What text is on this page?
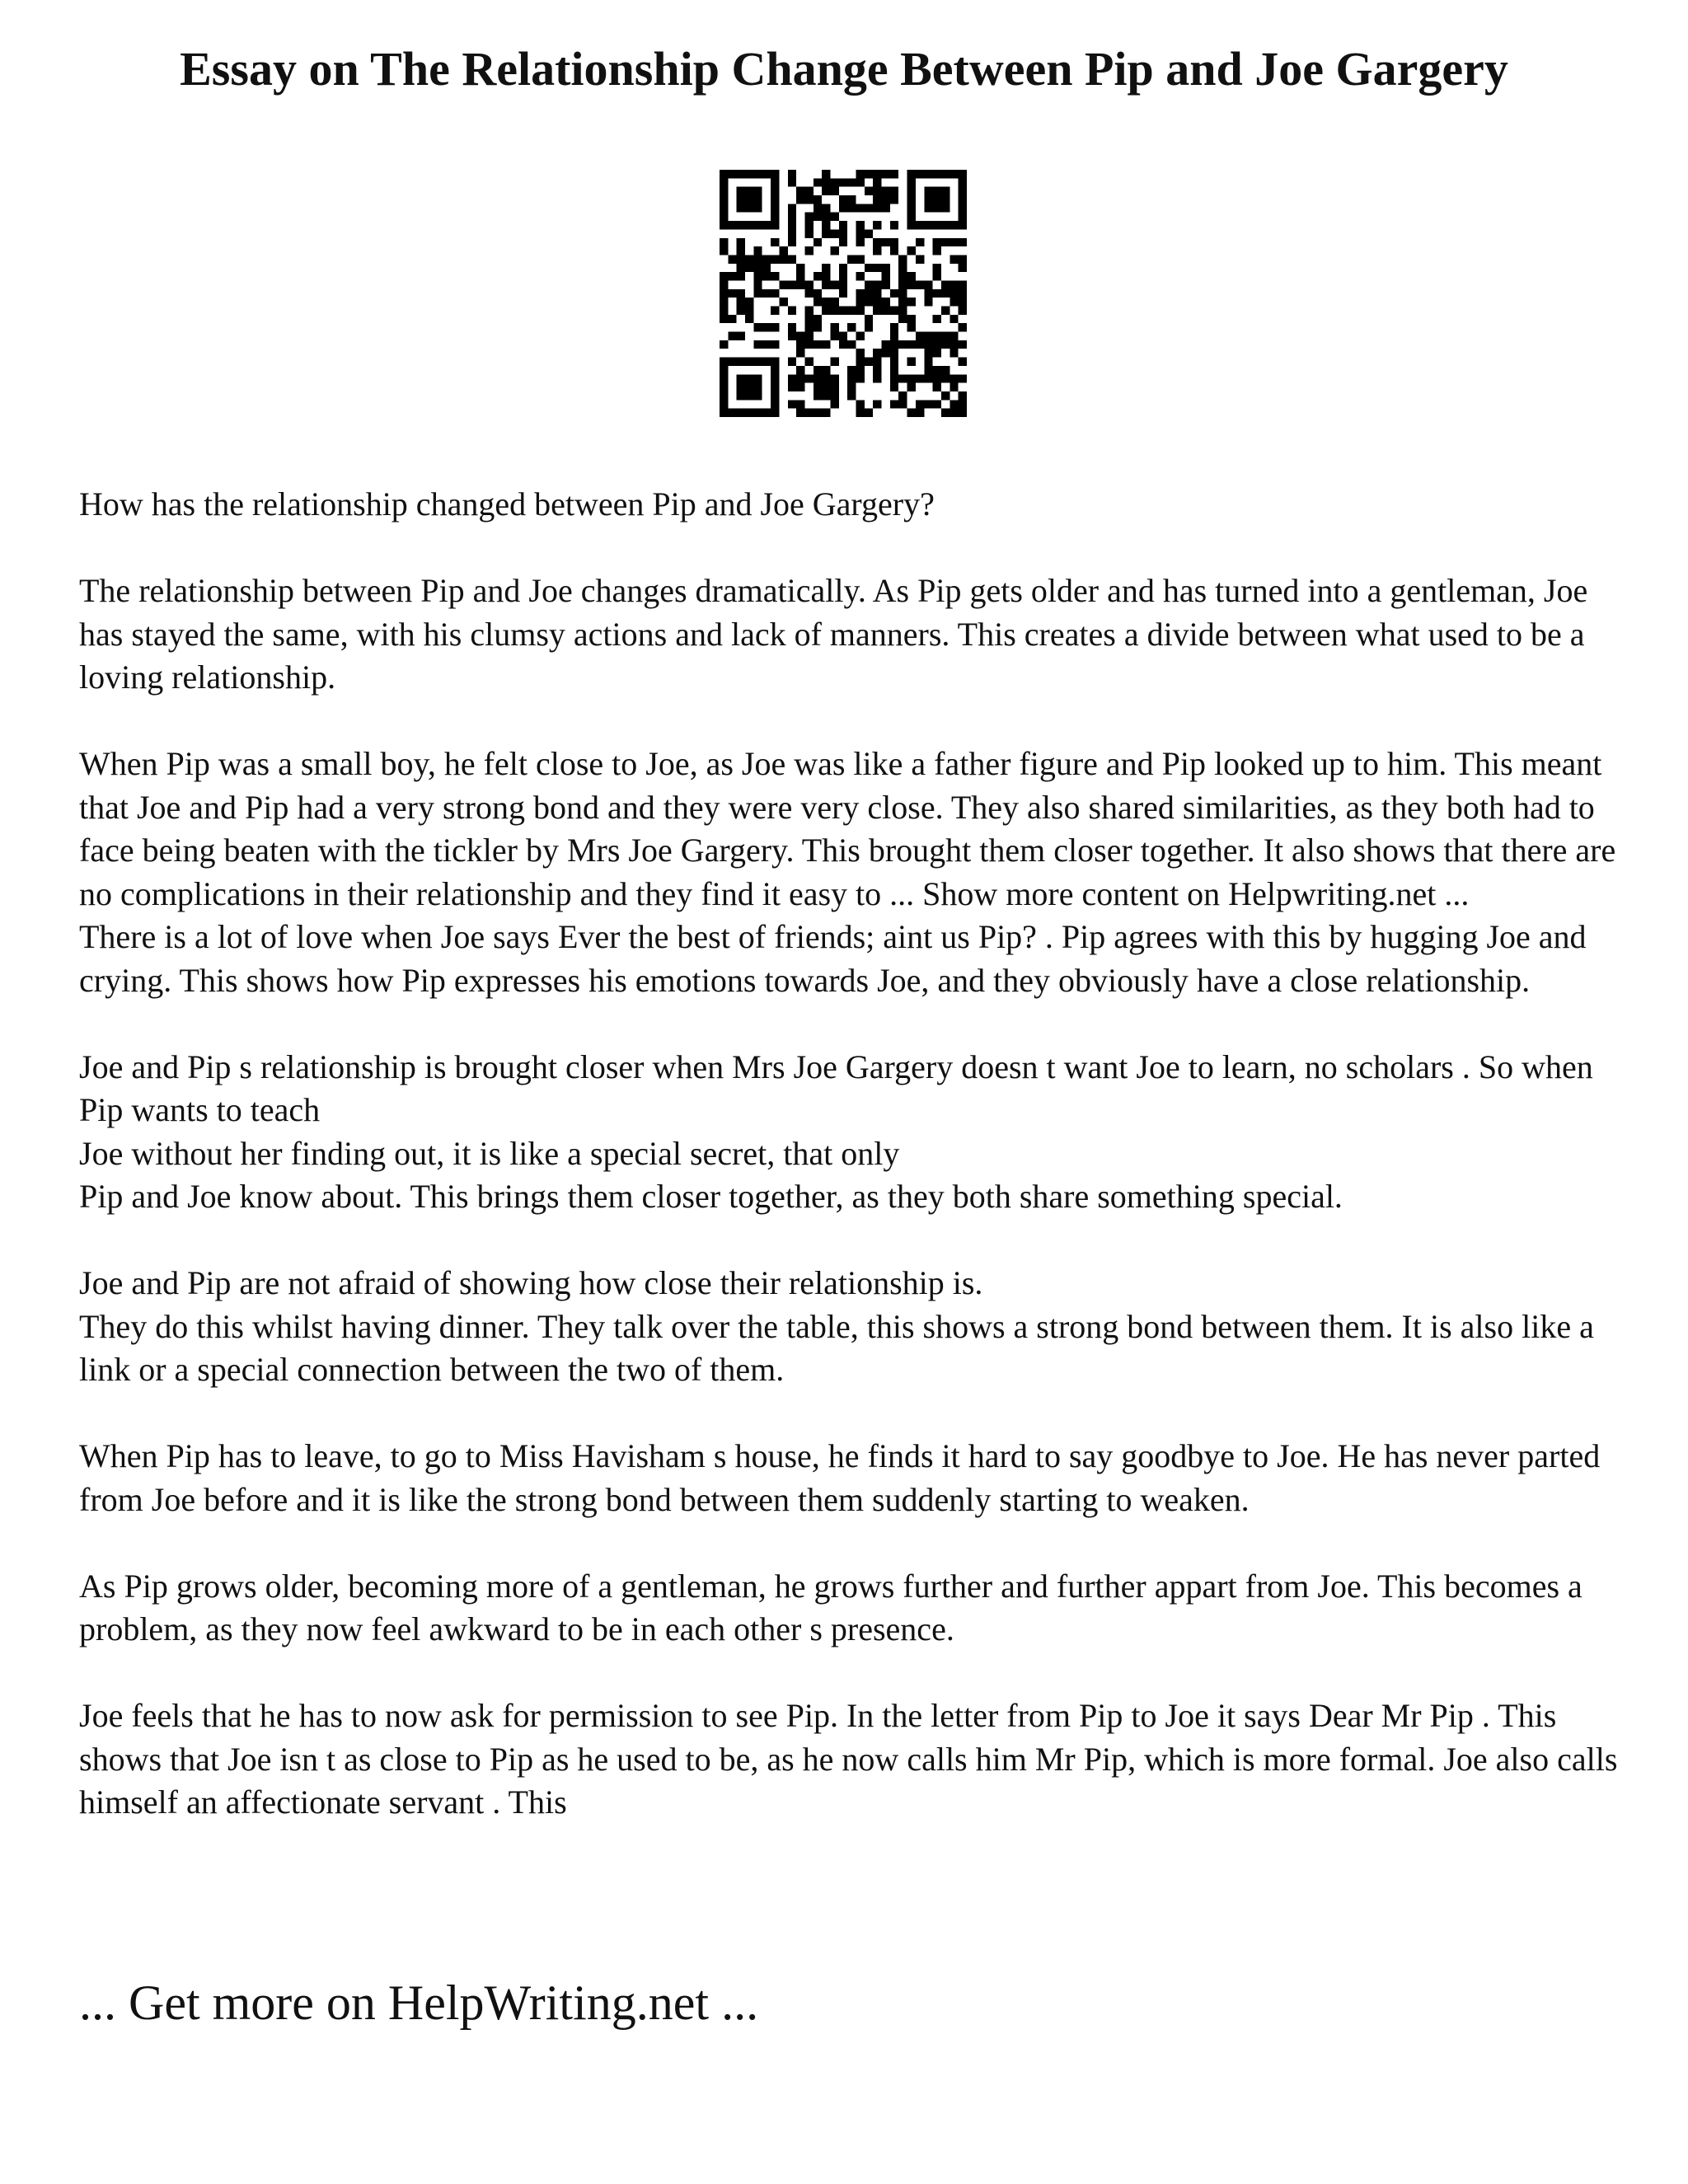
Essay on The Relationship Change Between Pip and Joe Gargery

How has the relationship changed between Pip and Joe Gargery?

The relationship between Pip and Joe changes dramatically. As Pip gets older and has turned into a gentleman, Joe has stayed the same, with his clumsy actions and lack of manners. This creates a divide between what used to be a loving relationship.

When Pip was a small boy, he felt close to Joe, as Joe was like a father figure and Pip looked up to him. This meant that Joe and Pip had a very strong bond and they were very close. They also shared similarities, as they both had to face being beaten with the tickler by Mrs Joe Gargery. This brought them closer together. It also shows that there are no complications in their relationship and they find it easy to ... Show more content on Helpwriting.net ...

There is a lot of love when Joe says Ever the best of friends; aint us Pip? . Pip agrees with this by hugging Joe and crying. This shows how Pip expresses his emotions towards Joe, and they obviously have a close relationship.

Joe and Pip s relationship is brought closer when Mrs Joe Gargery doesn t want Joe to learn, no scholars . So when Pip wants to teach

Joe without her finding out, it is like a special secret, that only

Pip and Joe know about. This brings them closer together, as they both share something special.

Joe and Pip are not afraid of showing how close their relationship is.

They do this whilst having dinner. They talk over the table, this shows a strong bond between them. It is also like a link or a special connection between the two of them.

When Pip has to leave, to go to Miss Havisham s house, he finds it hard to say goodbye to Joe. He has never parted from Joe before and it is like the strong bond between them suddenly starting to weaken.

As Pip grows older, becoming more of a gentleman, he grows further and further appart from Joe. This becomes a problem, as they now feel awkward to be in each other s presence.

Joe feels that he has to now ask for permission to see Pip. In the letter from Pip to Joe it says Dear Mr Pip . This shows that Joe isn t as close to Pip as he used to be, as he now calls him Mr Pip, which is more formal. Joe also calls himself an affectionate servant . This

... Get more on HelpWriting.net ...
